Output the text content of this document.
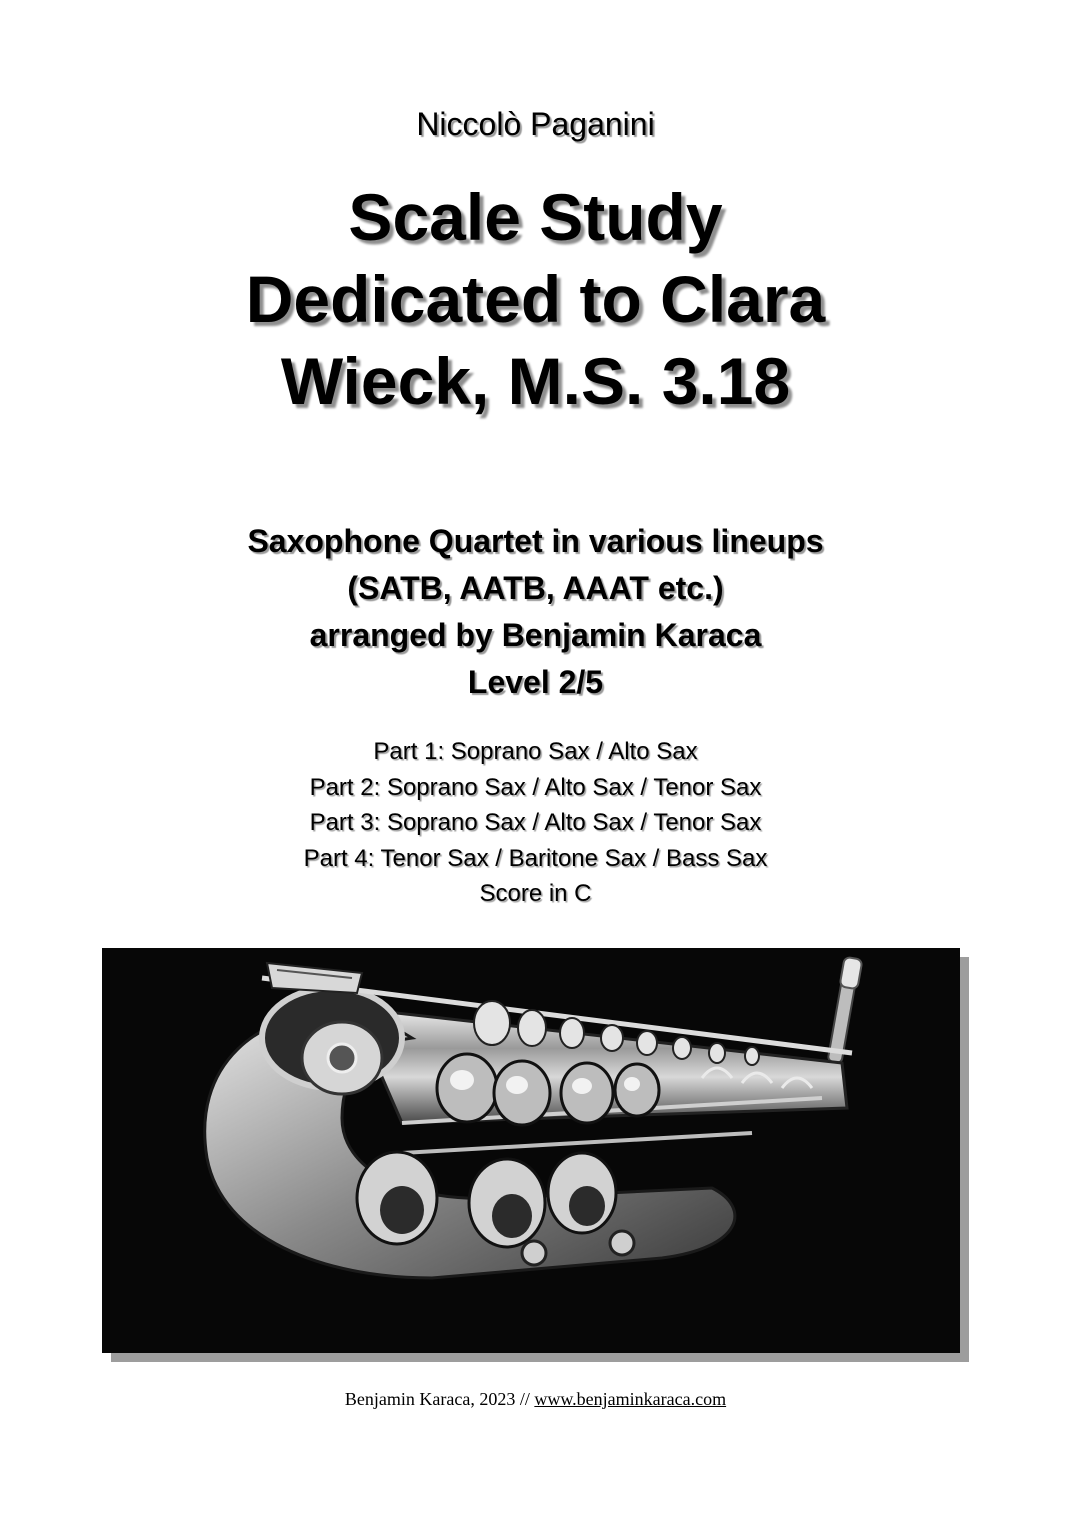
Niccolò Paganini
Scale Study
Dedicated to Clara
Wieck, M.S. 3.18
Saxophone Quartet in various lineups
(SATB, AATB, AAAT etc.)
arranged by Benjamin Karaca
Level 2/5
Part 1: Soprano Sax / Alto Sax
Part 2: Soprano Sax / Alto Sax / Tenor Sax
Part 3: Soprano Sax / Alto Sax / Tenor Sax
Part 4: Tenor Sax / Baritone Sax / Bass Sax
Score in C
Benjamin Karaca, 2023 // www.benjaminkaraca.com
